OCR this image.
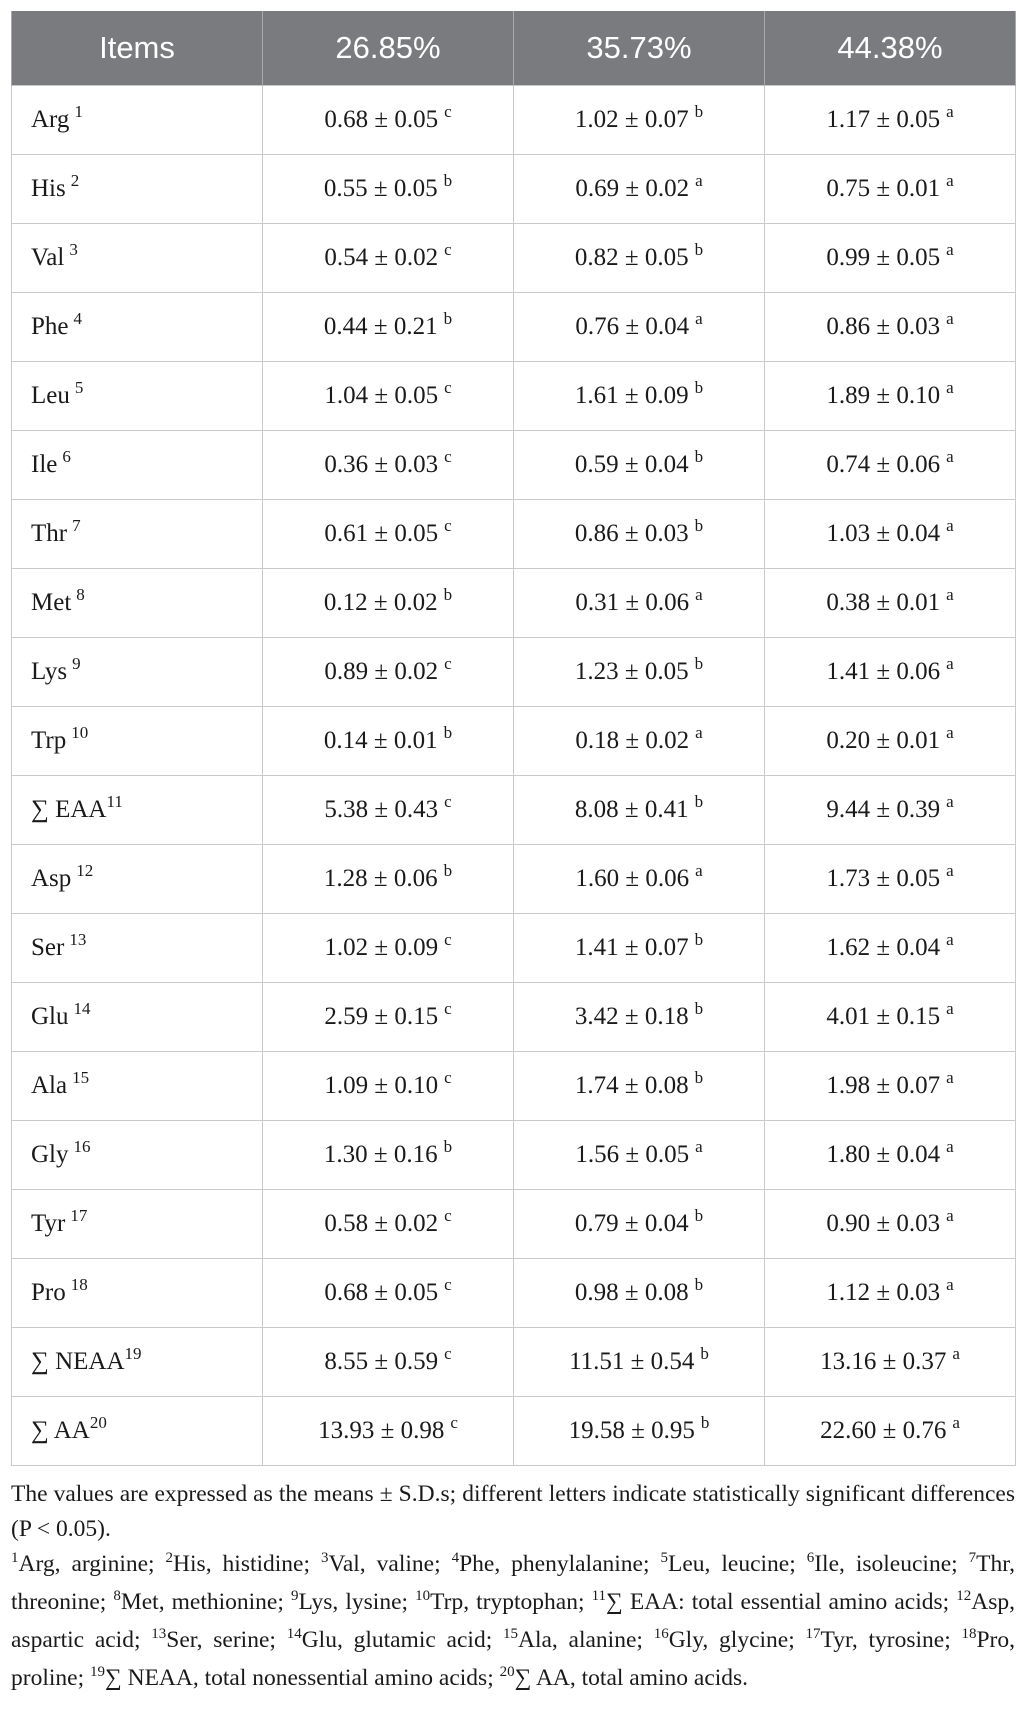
Items	26.85%	35.73%	44.38%
Arg $^1$	0.68 ± 0.05 $^c$	1.02 ± 0.07 $^b$	1.17 ± 0.05 $^a$
His $^2$	0.55 ± 0.05 $^b$	0.69 ± 0.02 $^a$	0.75 ± 0.01 $^a$
Val $^3$	0.54 ± 0.02 $^c$	0.82 ± 0.05 $^b$	0.99 ± 0.05 $^a$
Phe $^4$	0.44 ± 0.21 $^b$	0.76 ± 0.04 $^a$	0.86 ± 0.03 $^a$
Leu $^5$	1.04 ± 0.05 $^c$	1.61 ± 0.09 $^b$	1.89 ± 0.10 $^a$
Ile $^6$	0.36 ± 0.03 $^c$	0.59 ± 0.04 $^b$	0.74 ± 0.06 $^a$
Thr $^7$	0.61 ± 0.05 $^c$	0.86 ± 0.03 $^b$	1.03 ± 0.04 $^a$
Met $^8$	0.12 ± 0.02 $^b$	0.31 ± 0.06 $^a$	0.38 ± 0.01 $^a$
Lys $^9$	0.89 ± 0.02 $^c$	1.23 ± 0.05 $^b$	1.41 ± 0.06 $^a$
Trp $^{10}$	0.14 ± 0.01 $^b$	0.18 ± 0.02 $^a$	0.20 ± 0.01 $^a$
∑ EAA$^{11}$	5.38 ± 0.43 $^c$	8.08 ± 0.41 $^b$	9.44 ± 0.39 $^a$
Asp $^{12}$	1.28 ± 0.06 $^b$	1.60 ± 0.06 $^a$	1.73 ± 0.05 $^a$
Ser $^{13}$	1.02 ± 0.09 $^c$	1.41 ± 0.07 $^b$	1.62 ± 0.04 $^a$
Glu $^{14}$	2.59 ± 0.15 $^c$	3.42 ± 0.18 $^b$	4.01 ± 0.15 $^a$
Ala $^{15}$	1.09 ± 0.10 $^c$	1.74 ± 0.08 $^b$	1.98 ± 0.07 $^a$
Gly $^{16}$	1.30 ± 0.16 $^b$	1.56 ± 0.05 $^a$	1.80 ± 0.04 $^a$
Tyr $^{17}$	0.58 ± 0.02 $^c$	0.79 ± 0.04 $^b$	0.90 ± 0.03 $^a$
Pro $^{18}$	0.68 ± 0.05 $^c$	0.98 ± 0.08 $^b$	1.12 ± 0.03 $^a$
∑ NEAA$^{19}$	8.55 ± 0.59 $^c$	11.51 ± 0.54 $^b$	13.16 ± 0.37 $^a$
∑ AA$^{20}$	13.93 ± 0.98 $^c$	19.58 ± 0.95 $^b$	22.60 ± 0.76 $^a$

The values are expressed as the means ± S.D.s; different letters indicate statistically significant differences (P < 0.05).

$^1$Arg, arginine; $^2$His, histidine; $^3$Val, valine; $^4$Phe, phenylalanine; $^5$Leu, leucine; $^6$Ile, isoleucine; $^7$Thr, threonine; $^8$Met, methionine; $^9$Lys, lysine; $^{10}$Trp, tryptophan; $^{11}$∑ EAA: total essential amino acids; $^{12}$Asp, aspartic acid; $^{13}$Ser, serine; $^{14}$Glu, glutamic acid; $^{15}$Ala, alanine; $^{16}$Gly, glycine; $^{17}$Tyr, tyrosine; $^{18}$Pro, proline; $^{19}$∑ NEAA, total nonessential amino acids; $^{20}$∑ AA, total amino acids.
